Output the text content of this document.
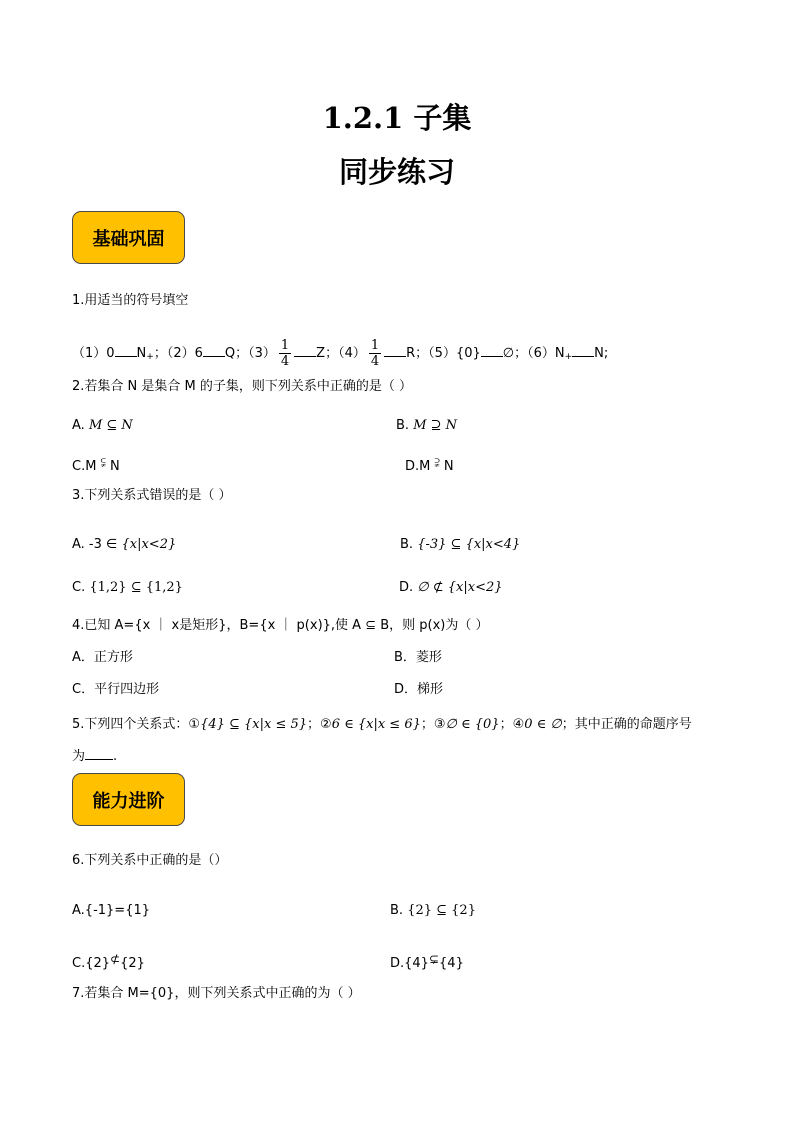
1.2.1 子集
同步练习
基础巩固
1.用适当的符号填空
（1）0 $N_+$；（2）6 Q；$(3) \frac{1}{4}$ Z；$(4) \frac{1}{4}$ R；（5）{0} ∅；$(6)N_+$ N;
2.若集合 N 是集合 M 的子集，则下列关系中正确的是（ ）
A. M ⊆ N	B. M ⊇ N
C.M ⫋ N	D.M ⫌ N
3.下列关系式错误的是（ ）
A. -3 ∈ {x|x<2}	B. {-3} ⊆ {x|x<4}
C. {1,2} ⊆ {1,2}	D. ∅ ⊄ {x|x<2}
4.已知 A={x ｜ x是矩形}，B={x ｜ p(x)},使 A ⊆ B，则 p(x)为（ ）
A．正方形	B．菱形
C．平行四边形	D．梯形
5.下列四个关系式：①{4} ⊆ {x|x ≤ 5}；②6 ∈ {x|x ≤ 6}；③∅ ∈ {0}；④0 ∈ ∅；其中正确的命题序号
为 .
能力进阶
6.下列关系中正确的是（）
A.{-1}={1}	B. {2} ⊆ {2}
C.{2}⊄{2}	D.{4}⊊{4}
7.若集合 M={0}，则下列关系式中正确的为（ ）
